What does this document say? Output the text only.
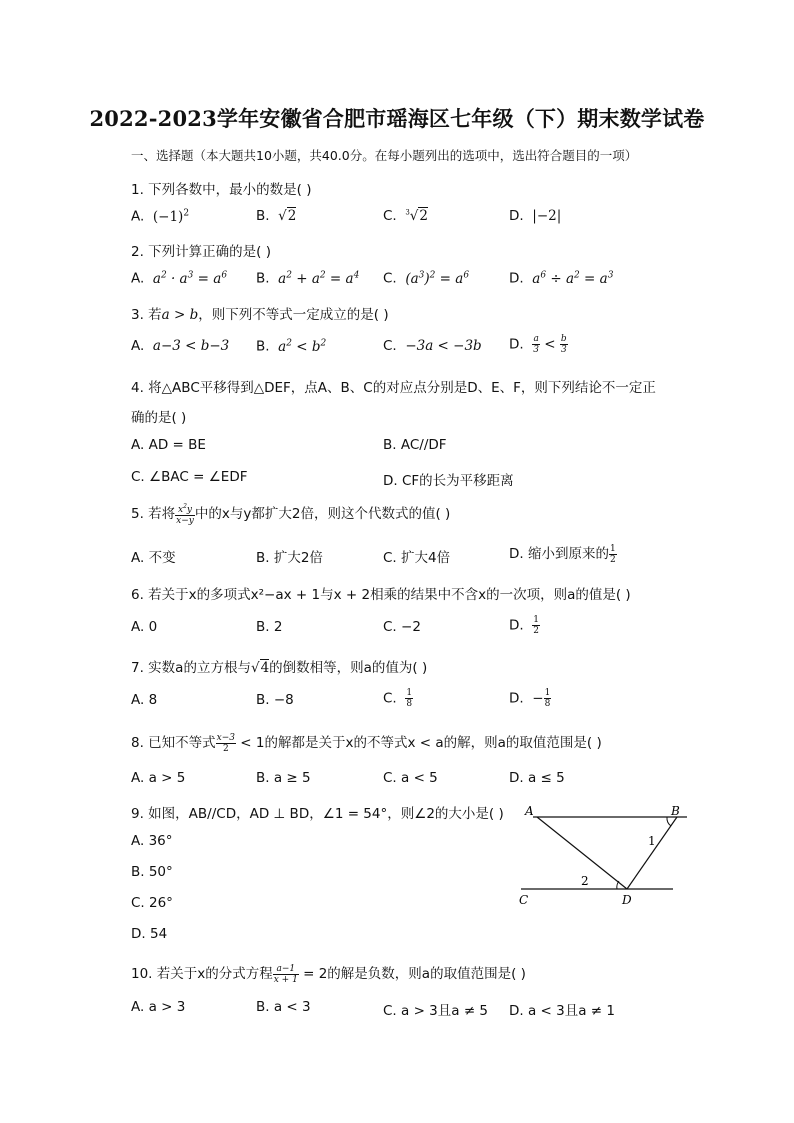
2022-2023学年安徽省合肥市瑶海区七年级（下）期末数学试卷
一、选择题（本大题共10小题，共40.0分。在每小题列出的选项中，选出符合题目的一项）
1. 下列各数中，最小的数是( )
A. $(-1)^2$	B. √2	C. $^3$√2	D. |−2|
2. 下列计算正确的是( )
A. $a^2 \cdot a^3 = a^6$ B. $a^2 + a^2 = a^4$ C. $(a^3)^2 = a^6$	D. $a^6 \div a^2 = a^3$
3. 若a > b，则下列不等式一定成立的是( )
A. a−3 < b−3 B. $a^2 < b^2$	C. −3a < −3b D. $\frac{a}{3} < \frac{b}{3}$
4. 将△ABC平移得到△DEF，点A、B、C的对应点分别是D、E、F，则下列结论不一定正
确的是( )
A. AD = BE	B. AC//DF
C. ∠BAC = ∠EDF	D. CF的长为平移距离
5. 若将 $\frac{x^2y}{x-y}$ 中的x与y都扩大2倍，则这个代数式的值( )
A. 不变	B. 扩大2倍	C. 扩大4倍	D. 缩小到原来的 $\frac{1}{2}$
6. 若关于x的多项式x²−ax + 1与x + 2相乘的结果中不含x的一次项，则a的值是( )
A. 0	B. 2	C. −2	D. $\frac{1}{2}$
7. 实数a的立方根与√4的倒数相等，则a的值为( )
A. 8	B. −8	C. $\frac{1}{8}$	D. − $\frac{1}{8}$
8. 已知不等式 $\frac{x-3}{2} < 1$的解都是关于x的不等式x < a的解，则a的取值范围是( )
A. a > 5	B. a ≥ 5	C. a < 5	D. a ≤ 5
9. 如图，AB//CD，AD ⊥ BD，∠1 = 54°，则∠2的大小是( )
A. 36°
B. 50°
C. 26°
D. 54
A	B
C	D
1
2
10. 若关于x的分式方程 $\frac{a-1}{x + 1} = 2$的解是负数，则a的取值范围是( )
A. a > 3	B. a < 3	C. a > 3且a ≠ 5 D. a < 3且a ≠ 1
